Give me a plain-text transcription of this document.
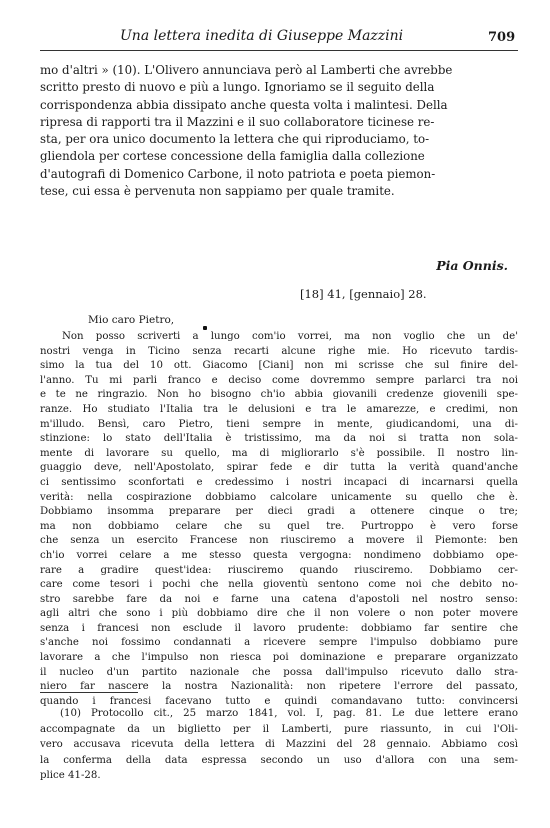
Una lettera inedita di Giuseppe Mazzini	709
mo d'altri » (10). L'Olivero annunciava però al Lamberti che avrebbe
scritto presto di nuovo e più a lungo. Ignoriamo se il seguito della
corrispondenza abbia dissipato anche questa volta i malintesi. Della
ripresa di rapporti tra il Mazzini e il suo collaboratore ticinese re-
sta, per ora unico documento la lettera che qui riproduciamo, to-
gliendola per cortese concessione della famiglia dalla collezione
d'autografi di Domenico Carbone, il noto patriota e poeta piemon-
tese, cui essa è pervenuta non sappiamo per quale tramite.
Pia Onnis.
[18] 41, [gennaio] 28.
Mio caro Pietro,
Non posso scriverti a lungo com'io vorrei, ma non voglio che un de'
nostri venga in Ticino senza recarti alcune righe mie. Ho ricevuto tardis-
simo la tua del 10 ott. Giacomo [Ciani] non mi scrisse che sul finire del-
l'anno. Tu mi parli franco e deciso come dovremmo sempre parlarci tra noi
e te ne ringrazio. Non ho bisogno ch'io abbia giovanili credenze giovenili spe-
ranze. Ho studiato l'Italia tra le delusioni e tra le amarezze, e credimi, non
m'illudo. Bensì, caro Pietro, tieni sempre in mente, giudicandomi, una di-
stinzione: lo stato dell'Italia è tristissimo, ma da noi si tratta non sola-
mente di lavorare su quello, ma di migliorarlo s'è possibile. Il nostro lin-
guaggio deve, nell'Apostolato, spirar fede e dir tutta la verità quand'anche
ci sentissimo sconfortati e credessimo i nostri incapaci di incarnarsi quella
verità: nella cospirazione dobbiamo calcolare unicamente su quello che è.
Dobbiamo insomma preparare per dieci gradi a ottenere cinque o tre;
ma non dobbiamo celare che su quel tre. Purtroppo è vero forse
che senza un esercito Francese non riusciremo a movere il Piemonte: ben
ch'io vorrei celare a me stesso questa vergogna: nondimeno dobbiamo ope-
rare a gradire quest'idea: riusciremo quando riusciremo. Dobbiamo cer-
care come tesori i pochi che nella gioventù sentono come noi che debito no-
stro sarebbe fare da noi e farne una catena d'apostoli nel nostro senso:
agli altri che sono i più dobbiamo dire che il non volere o non poter movere
senza i francesi non esclude il lavoro prudente: dobbiamo far sentire che
s'anche noi fossimo condannati a ricevere sempre l'impulso dobbiamo pure
lavorare a che l'impulso non riesca poi dominazione e preparare organizzato
il nucleo d'un partito nazionale che possa dall'impulso ricevuto dallo stra-
niero far nascere la nostra Nazionalità: non ripetere l'errore del passato,
quando i francesi facevano tutto e quindi comandavano tutto: convincersi
(10) Protocollo cit., 25 marzo 1841, vol. I, pag. 81. Le due lettere erano
accompagnate da un biglietto per il Lamberti, pure riassunto, in cui l'Oli-
vero accusava ricevuta della lettera di Mazzini del 28 gennaio. Abbiamo così
la conferma della data espressa secondo un uso d'allora con una sem-
plice 41-28.
